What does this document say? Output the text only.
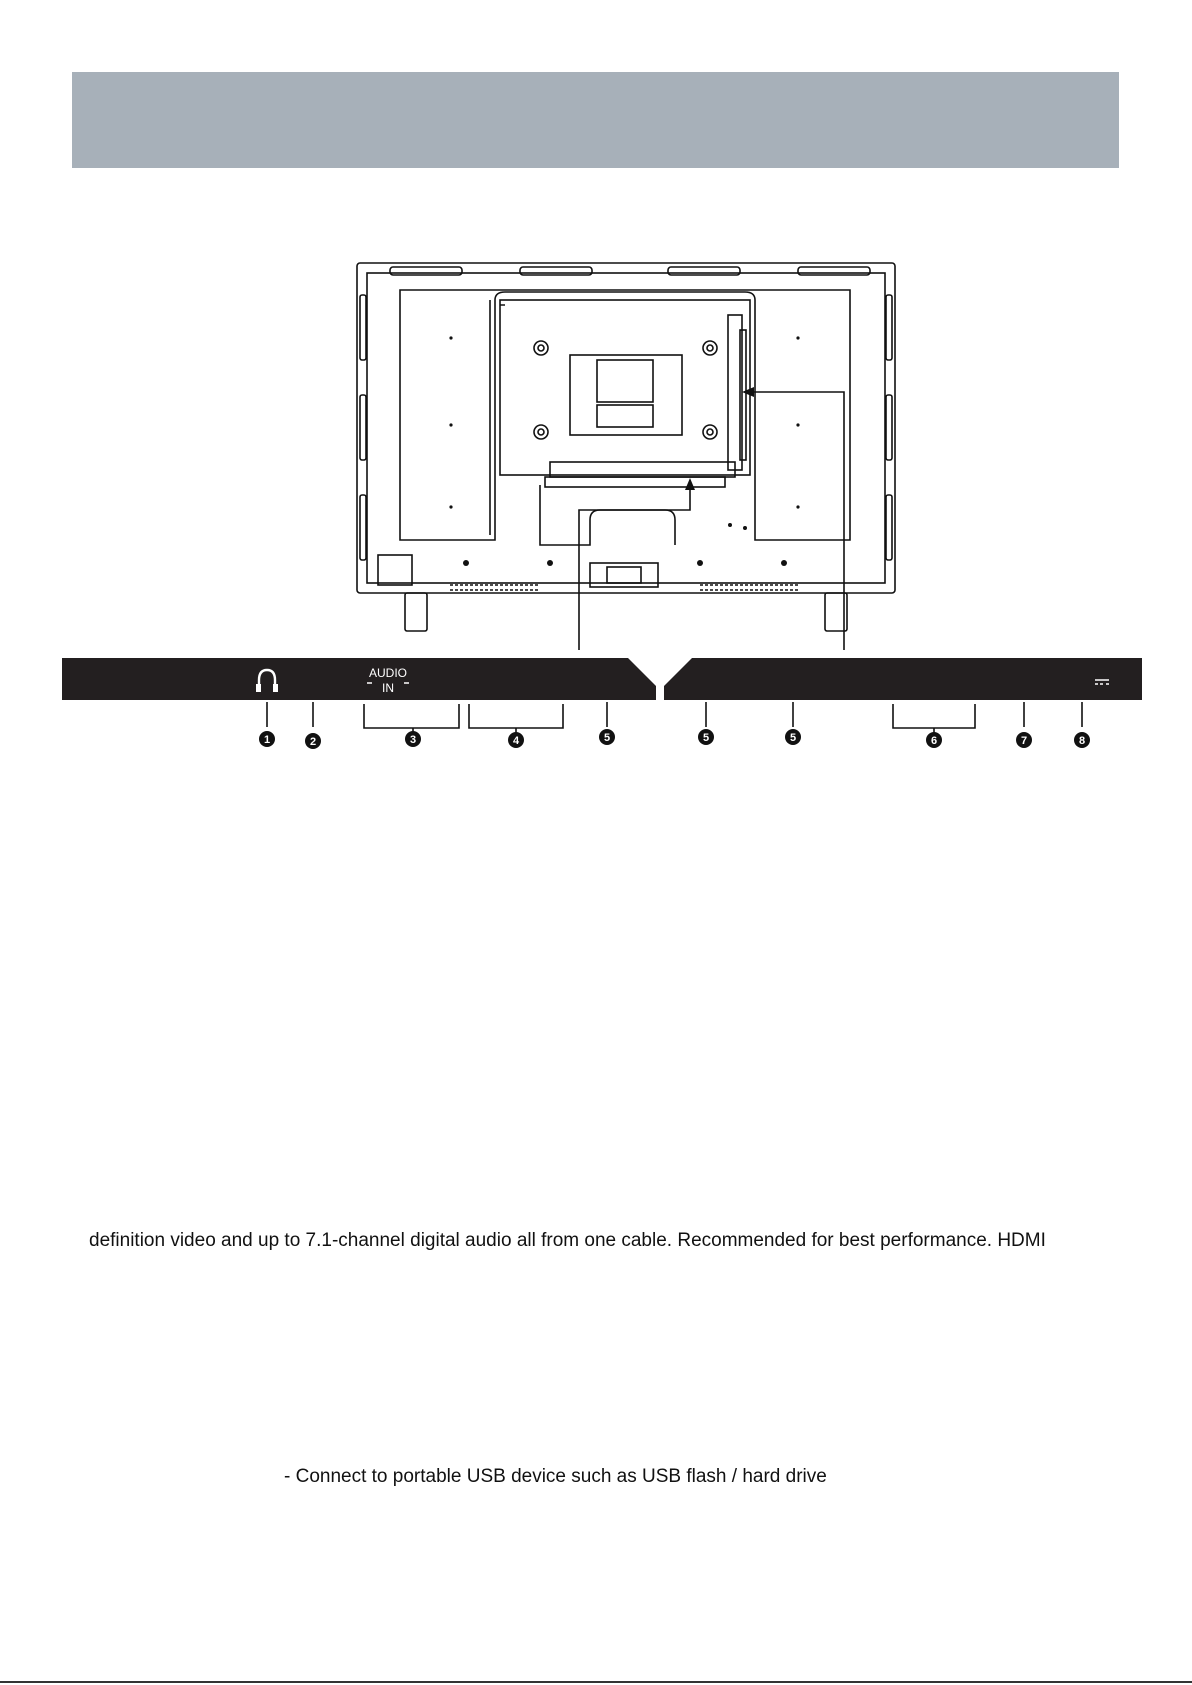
AUDIO
IN
1	2	3	4	5	5	5	6	7	8
definition video and up to 7.1-channel digital audio all from one cable. Recommended for best performance. HDMI
- Connect to portable USB device such as USB flash / hard drive
